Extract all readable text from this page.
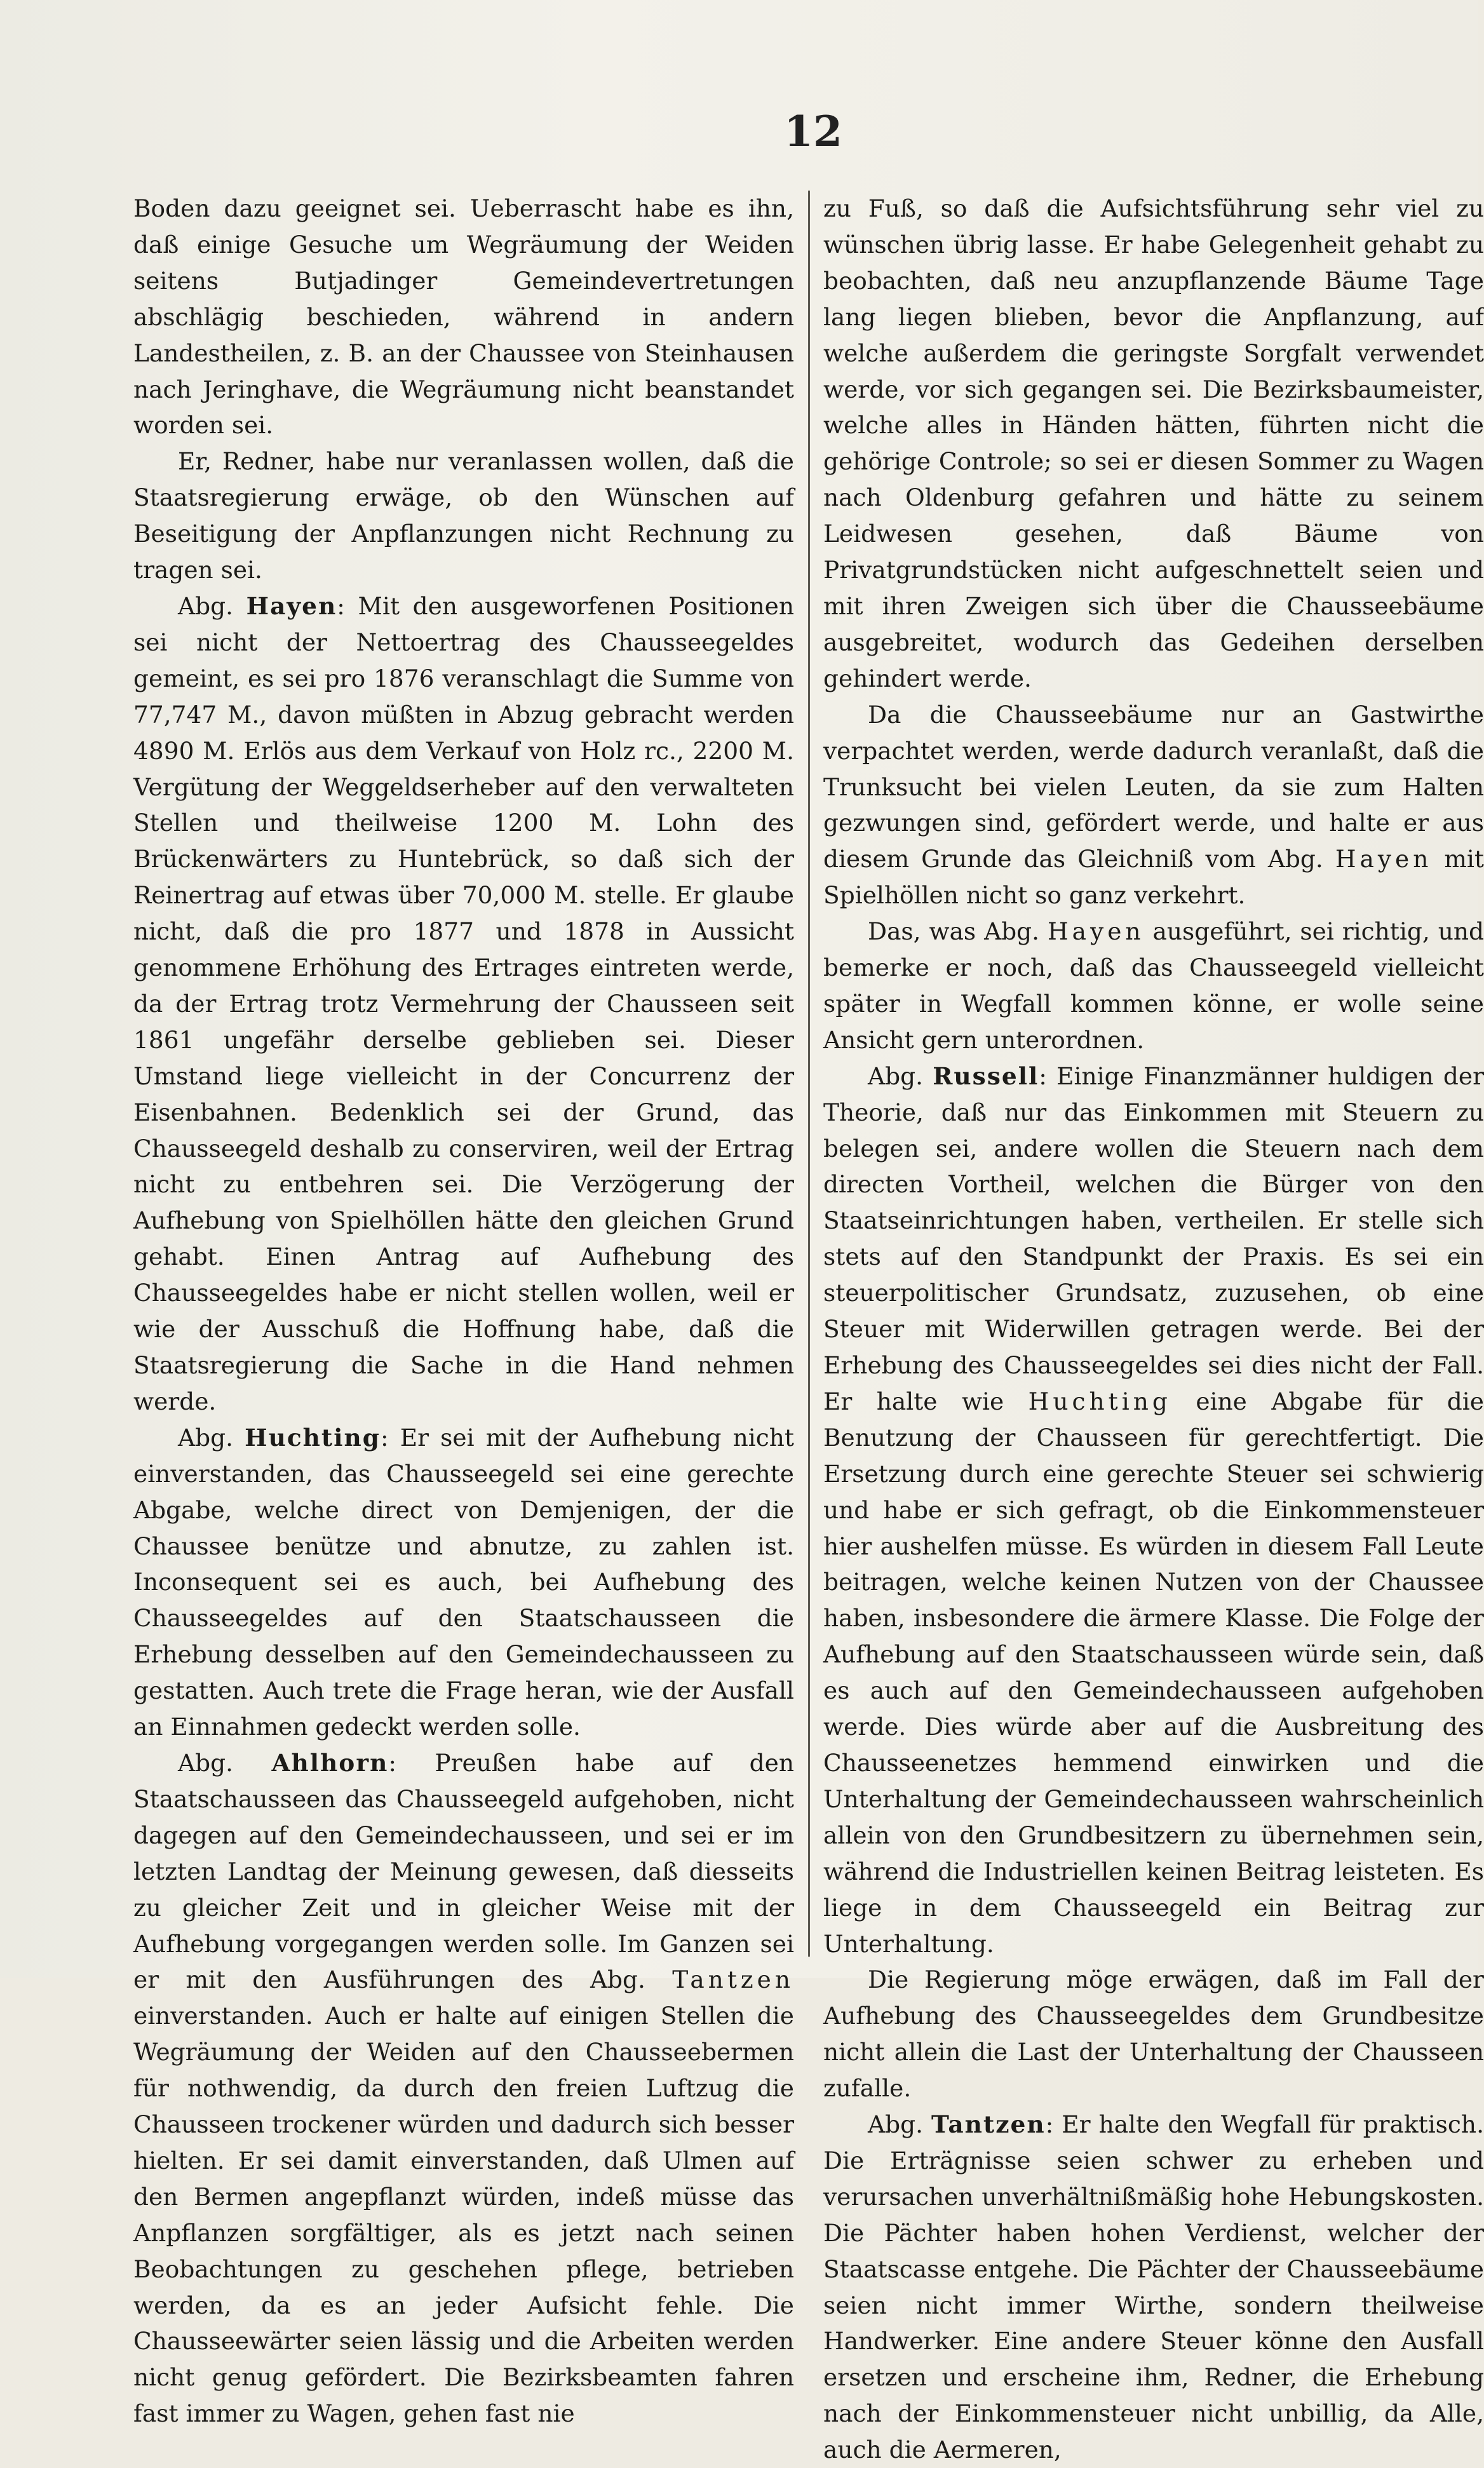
12

Boden dazu geeignet sei. Ueberrascht habe es ihn, daß einige Gesuche um Wegräumung der Weiden seitens Butjadinger Gemeindevertretungen abschlägig beschieden, während in andern Landestheilen, z. B. an der Chaussee von Steinhausen nach Jeringhave, die Wegräumung nicht beanstandet worden sei.

Er, Redner, habe nur veranlassen wollen, daß die Staatsregierung erwäge, ob den Wünschen auf Beseitigung der Anpflanzungen nicht Rechnung zu tragen sei.

Abg. Hayen: Mit den ausgeworfenen Positionen sei nicht der Nettoertrag des Chausseegeldes gemeint, es sei pro 1876 veranschlagt die Summe von 77,747 M., davon müßten in Abzug gebracht werden 4890 M. Erlös aus dem Verkauf von Holz rc., 2200 M. Vergütung der Weggeldserheber auf den verwalteten Stellen und theilweise 1200 M. Lohn des Brückenwärters zu Huntebrück, so daß sich der Reinertrag auf etwas über 70,000 M. stelle. Er glaube nicht, daß die pro 1877 und 1878 in Aussicht genommene Erhöhung des Ertrages eintreten werde, da der Ertrag trotz Vermehrung der Chausseen seit 1861 ungefähr derselbe geblieben sei. Dieser Umstand liege vielleicht in der Concurrenz der Eisenbahnen. Bedenklich sei der Grund, das Chausseegeld deshalb zu conserviren, weil der Ertrag nicht zu entbehren sei. Die Verzögerung der Aufhebung von Spielhöllen hätte den gleichen Grund gehabt. Einen Antrag auf Aufhebung des Chausseegeldes habe er nicht stellen wollen, weil er wie der Ausschuß die Hoffnung habe, daß die Staatsregierung die Sache in die Hand nehmen werde.

Abg. Huchting: Er sei mit der Aufhebung nicht einverstanden, das Chausseegeld sei eine gerechte Abgabe, welche direct von Demjenigen, der die Chaussee benütze und abnutze, zu zahlen ist. Inconsequent sei es auch, bei Aufhebung des Chausseegeldes auf den Staatschausseen die Erhebung desselben auf den Gemeindechausseen zu gestatten. Auch trete die Frage heran, wie der Ausfall an Einnahmen gedeckt werden solle.

Abg. Ahlhorn: Preußen habe auf den Staatschausseen das Chausseegeld aufgehoben, nicht dagegen auf den Gemeindechausseen, und sei er im letzten Landtag der Meinung gewesen, daß diesseits zu gleicher Zeit und in gleicher Weise mit der Aufhebung vorgegangen werden solle. Im Ganzen sei er mit den Ausführungen des Abg. Tantzen einverstanden. Auch er halte auf einigen Stellen die Wegräumung der Weiden auf den Chausseebermen für nothwendig, da durch den freien Luftzug die Chausseen trockener würden und dadurch sich besser hielten. Er sei damit einverstanden, daß Ulmen auf den Bermen angepflanzt würden, indeß müsse das Anpflanzen sorgfältiger, als es jetzt nach seinen Beobachtungen zu geschehen pflege, betrieben werden, da es an jeder Aufsicht fehle. Die Chausseewärter seien lässig und die Arbeiten werden nicht genug gefördert. Die Bezirksbeamten fahren fast immer zu Wagen, gehen fast nie

zu Fuß, so daß die Aufsichtsführung sehr viel zu wünschen übrig lasse. Er habe Gelegenheit gehabt zu beobachten, daß neu anzupflanzende Bäume Tage lang liegen blieben, bevor die Anpflanzung, auf welche außerdem die geringste Sorgfalt verwendet werde, vor sich gegangen sei. Die Bezirksbaumeister, welche alles in Händen hätten, führten nicht die gehörige Controle; so sei er diesen Sommer zu Wagen nach Oldenburg gefahren und hätte zu seinem Leidwesen gesehen, daß Bäume von Privatgrundstücken nicht aufgeschnettelt seien und mit ihren Zweigen sich über die Chausseebäume ausgebreitet, wodurch das Gedeihen derselben gehindert werde.

Da die Chausseebäume nur an Gastwirthe verpachtet werden, werde dadurch veranlaßt, daß die Trunksucht bei vielen Leuten, da sie zum Halten gezwungen sind, gefördert werde, und halte er aus diesem Grunde das Gleichniß vom Abg. Hayen mit Spielhöllen nicht so ganz verkehrt.

Das, was Abg. Hayen ausgeführt, sei richtig, und bemerke er noch, daß das Chausseegeld vielleicht später in Wegfall kommen könne, er wolle seine Ansicht gern unterordnen.

Abg. Russell: Einige Finanzmänner huldigen der Theorie, daß nur das Einkommen mit Steuern zu belegen sei, andere wollen die Steuern nach dem directen Vortheil, welchen die Bürger von den Staatseinrichtungen haben, vertheilen. Er stelle sich stets auf den Standpunkt der Praxis. Es sei ein steuerpolitischer Grundsatz, zuzusehen, ob eine Steuer mit Widerwillen getragen werde. Bei der Erhebung des Chausseegeldes sei dies nicht der Fall. Er halte wie Huchting eine Abgabe für die Benutzung der Chausseen für gerechtfertigt. Die Ersetzung durch eine gerechte Steuer sei schwierig und habe er sich gefragt, ob die Einkommensteuer hier aushelfen müsse. Es würden in diesem Fall Leute beitragen, welche keinen Nutzen von der Chaussee haben, insbesondere die ärmere Klasse. Die Folge der Aufhebung auf den Staatschausseen würde sein, daß es auch auf den Gemeindechausseen aufgehoben werde. Dies würde aber auf die Ausbreitung des Chausseenetzes hemmend einwirken und die Unterhaltung der Gemeindechausseen wahrscheinlich allein von den Grundbesitzern zu übernehmen sein, während die Industriellen keinen Beitrag leisteten. Es liege in dem Chausseegeld ein Beitrag zur Unterhaltung.

Die Regierung möge erwägen, daß im Fall der Aufhebung des Chausseegeldes dem Grundbesitze nicht allein die Last der Unterhaltung der Chausseen zufalle.

Abg. Tantzen: Er halte den Wegfall für praktisch. Die Erträgnisse seien schwer zu erheben und verursachen unverhältnißmäßig hohe Hebungskosten. Die Pächter haben hohen Verdienst, welcher der Staatscasse entgehe. Die Pächter der Chausseebäume seien nicht immer Wirthe, sondern theilweise Handwerker. Eine andere Steuer könne den Ausfall ersetzen und erscheine ihm, Redner, die Erhebung nach der Einkommensteuer nicht unbillig, da Alle, auch die Aermeren,
